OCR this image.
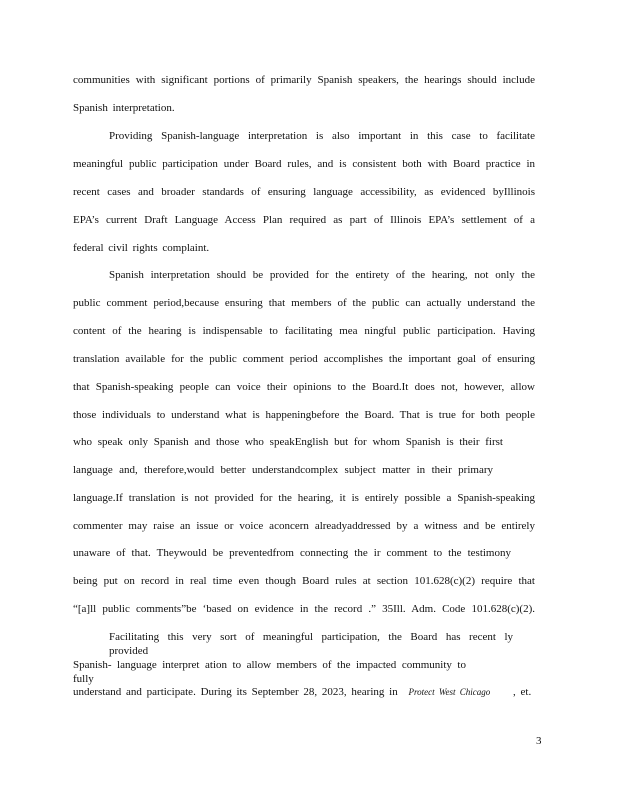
communities with significant portions of primarily Spanish speakers, the hearings should include
Spanish interpretation.
Providing Spanish-language interpretation is also important in this case to facilitate
meaningful public participation under Board rules, and is consistent both with Board practice in
recent cases and broader standards of ensuring language accessibility, as evidenced byIllinois
EPA’s current Draft Language Access Plan required as part of Illinois EPA’s settlement of a
federal civil rights complaint.
Spanish interpretation should be provided for the entirety of the hearing, not only the
public comment period,because ensuring that members of the public can actually understand the
content of the hearing is indispensable to facilitating mea ningful public participation. Having
translation available for the public comment period accomplishes the important goal of ensuring
that Spanish-speaking people can voice their opinions to the Board.It does not, however, allow
those individuals to understand what is happeningbefore the Board. That is true for both people
who speak only Spanish and those who speakEnglish but for whom Spanish is their first
language and, therefore,would better understandcomplex subject matter in their primary
language.If translation is not provided for the hearing, it is entirely possible a Spanish-speaking
commenter may raise an issue or voice aconcern alreadyaddressed by a witness and be entirely
unaware of that. Theywould be preventedfrom connecting the ir comment to the testimony
being put on record in real time even though Board rules at section 101.628(c)(2) require that
“[a]ll public comments”be ‘based on evidence in the record .” 35Ill. Adm. Code 101.628(c)(2).
Facilitating this very sort of meaningful participation, the Board has recent ly provided
Spanish- language interpret ation to allow members of the impacted community to fully
understand and participate. During its September 28, 2023, hearing in Protect West Chicago , et.
3
